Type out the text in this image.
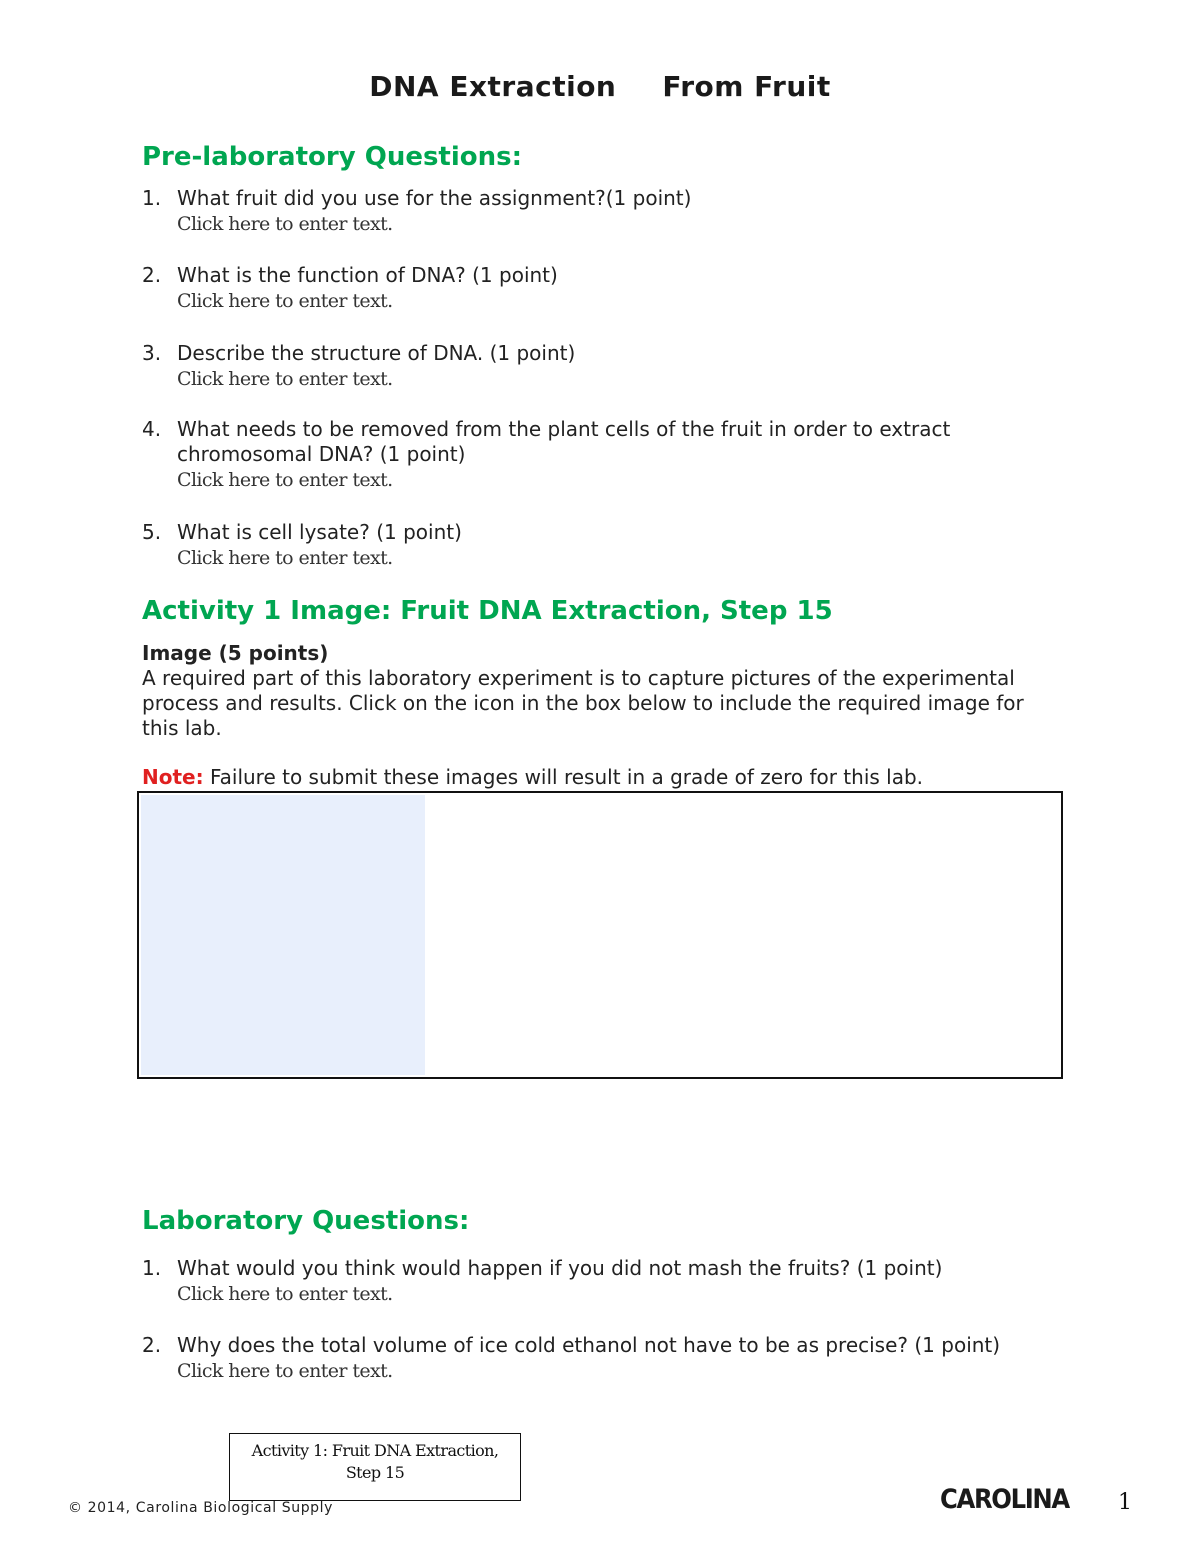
DNA Extraction From Fruit
Pre-laboratory Questions:
1. What fruit did you use for the assignment?(1 point)
Click here to enter text.
2. What is the function of DNA? (1 point)
Click here to enter text.
3. Describe the structure of DNA. (1 point)
Click here to enter text.
4. What needs to be removed from the plant cells of the fruit in order to extract chromosomal DNA? (1 point)
Click here to enter text.
5. What is cell lysate? (1 point)
Click here to enter text.
Activity 1 Image: Fruit DNA Extraction, Step 15
Image (5 points)
A required part of this laboratory experiment is to capture pictures of the experimental process and results. Click on the icon in the box below to include the required image for this lab.
Note: Failure to submit these images will result in a grade of zero for this lab.
Laboratory Questions:
1. What would you think would happen if you did not mash the fruits? (1 point)
Click here to enter text.
2. Why does the total volume of ice cold ethanol not have to be as precise? (1 point)
Click here to enter text.
Activity 1: Fruit DNA Extraction,
Step 15
© 2014, Carolina Biological Supply	CAROLINA 1
